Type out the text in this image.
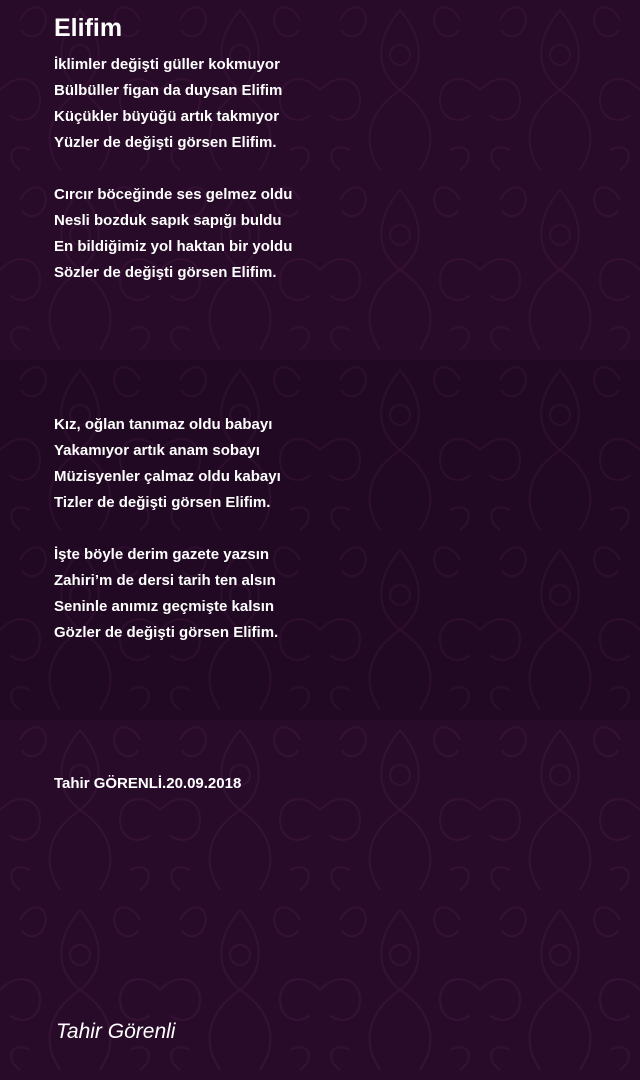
Elifim

İklimler değişti güller kokmuyor
Bülbüller figan da duysan Elifim
Küçükler büyüğü artık takmıyor
Yüzler de değişti görsen Elifim.

Cırcır böceğinde ses gelmez oldu
Nesli bozduk sapık sapığı buldu
En bildiğimiz yol haktan bir yoldu
Sözler de değişti görsen Elifim.

Kız, oğlan tanımaz oldu babayı
Yakamıyor artık anam sobayı
Müzisyenler çalmaz oldu kabayı
Tizler de değişti görsen Elifim.

İşte böyle derim gazete yazsın
Zahiri’m de dersi tarih ten alsın
Seninle anımız geçmişte kalsın
Gözler de değişti görsen Elifim.

Tahir GÖRENLİ.20.09.2018
Tahir Görenli
